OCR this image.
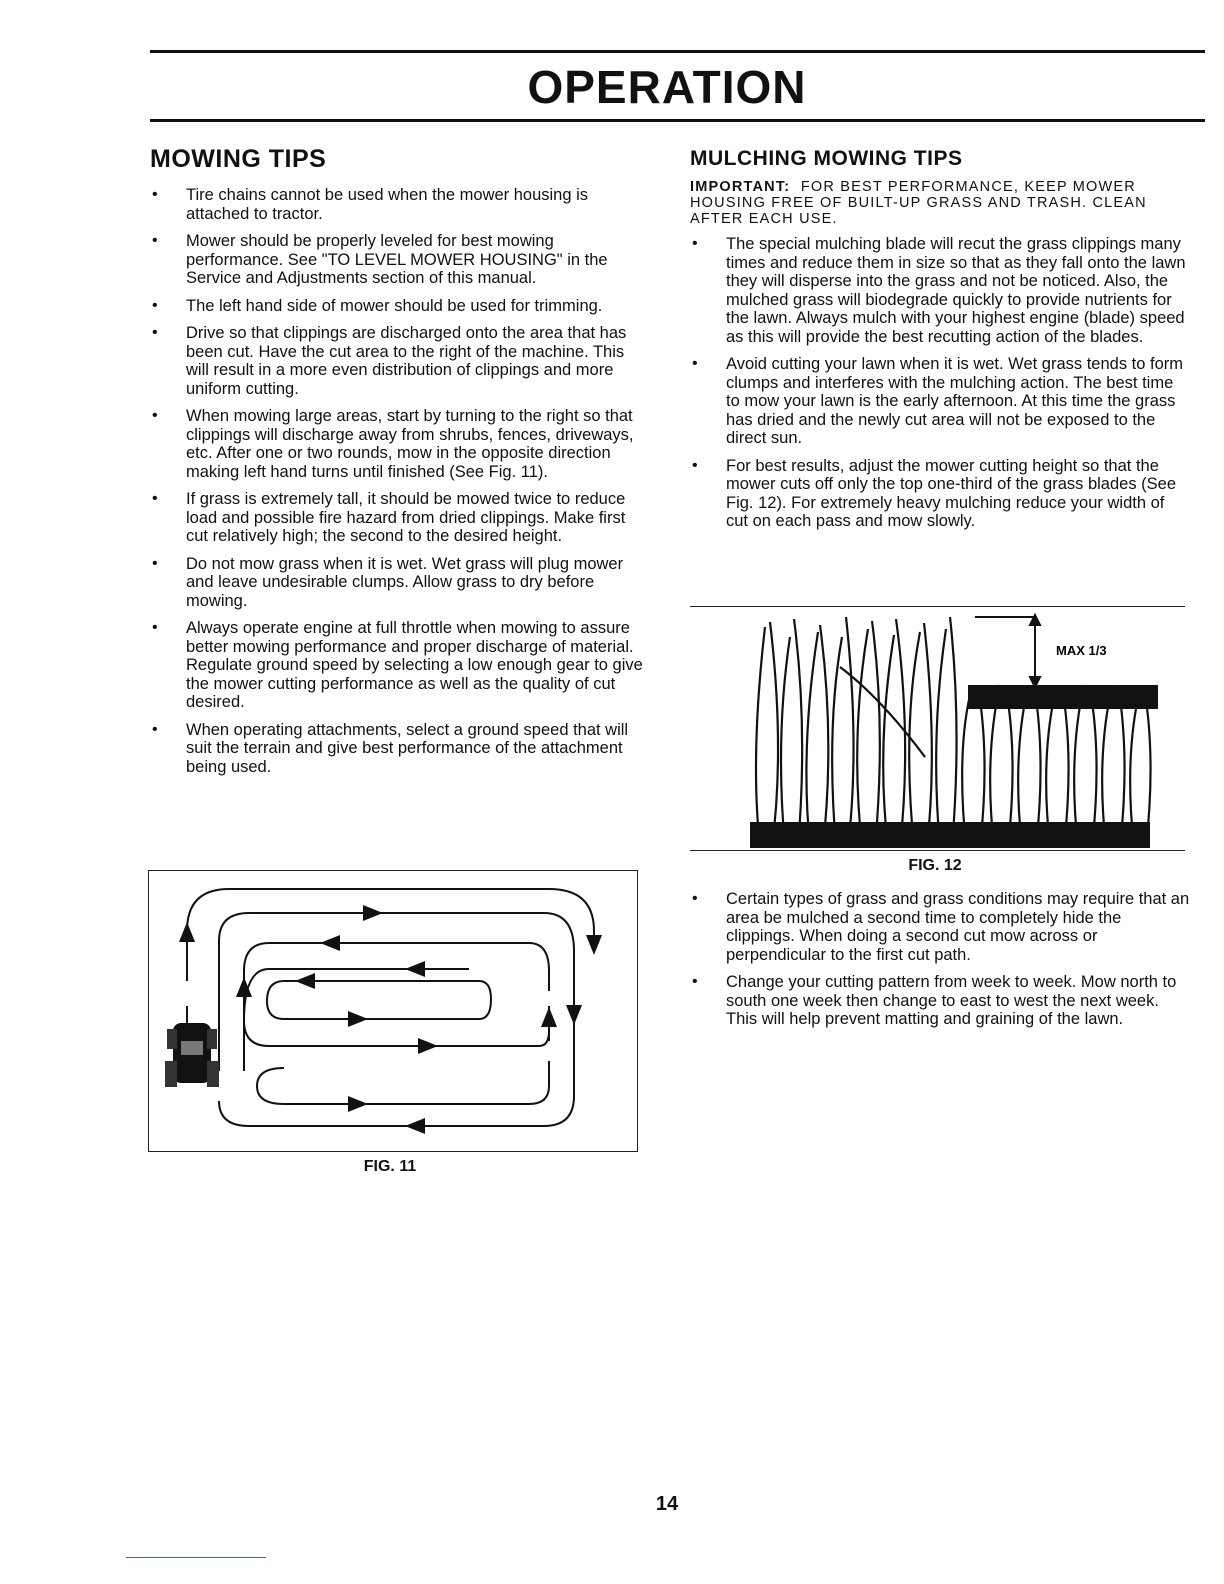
OPERATION
MOWING TIPS
• Tire chains cannot be used when the mower housing is attached to tractor.
• Mower should be properly leveled for best mowing performance. See "TO LEVEL MOWER HOUSING" in the Service and Adjustments section of this manual.
• The left hand side of mower should be used for trimming.
• Drive so that clippings are discharged onto the area that has been cut. Have the cut area to the right of the machine. This will result in a more even distribution of clippings and more uniform cutting.
• When mowing large areas, start by turning to the right so that clippings will discharge away from shrubs, fences, driveways, etc. After one or two rounds, mow in the opposite direction making left hand turns until finished (See Fig. 11).
• If grass is extremely tall, it should be mowed twice to reduce load and possible fire hazard from dried clippings. Make first cut relatively high; the second to the desired height.
• Do not mow grass when it is wet. Wet grass will plug mower and leave undesirable clumps. Allow grass to dry before mowing.
• Always operate engine at full throttle when mowing to assure better mowing performance and proper discharge of material. Regulate ground speed by selecting a low enough gear to give the mower cutting performance as well as the quality of cut desired.
• When operating attachments, select a ground speed that will suit the terrain and give best performance of the attachment being used.
FIG. 11
MULCHING MOWING TIPS

IMPORTANT: FOR BEST PERFORMANCE, KEEP MOWER HOUSING FREE OF BUILT-UP GRASS AND TRASH. CLEAN AFTER EACH USE.

• The special mulching blade will recut the grass clippings many times and reduce them in size so that as they fall onto the lawn they will disperse into the grass and not be noticed. Also, the mulched grass will biodegrade quickly to provide nutrients for the lawn. Always mulch with your highest engine (blade) speed as this will provide the best recutting action of the blades.
• Avoid cutting your lawn when it is wet. Wet grass tends to form clumps and interferes with the mulching action. The best time to mow your lawn is the early afternoon. At this time the grass has dried and the newly cut area will not be exposed to the direct sun.
• For best results, adjust the mower cutting height so that the mower cuts off only the top one-third of the grass blades (See Fig. 12). For extremely heavy mulching reduce your width of cut on each pass and mow slowly.
MAX 1/3
FIG. 12
• Certain types of grass and grass conditions may require that an area be mulched a second time to completely hide the clippings. When doing a second cut mow across or perpendicular to the first cut path.
• Change your cutting pattern from week to week. Mow north to south one week then change to east to west the next week. This will help prevent matting and graining of the lawn.
14
